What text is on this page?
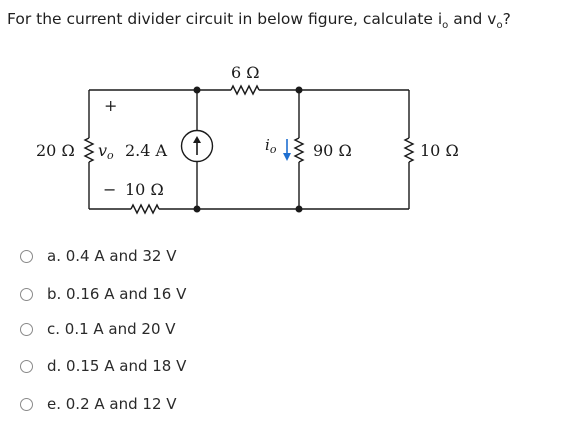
For the current divider circuit in below figure, calculate $i_o$ and $v_o$?
6 Ω
+
20 Ω vo 2.4 A	$i_o$ 90 Ω	10 Ω
− 10 Ω
a. 0.4 A and 32 V
b. 0.16 A and 16 V
c. 0.1 A and 20 V
d. 0.15 A and 18 V
e. 0.2 A and 12 V
